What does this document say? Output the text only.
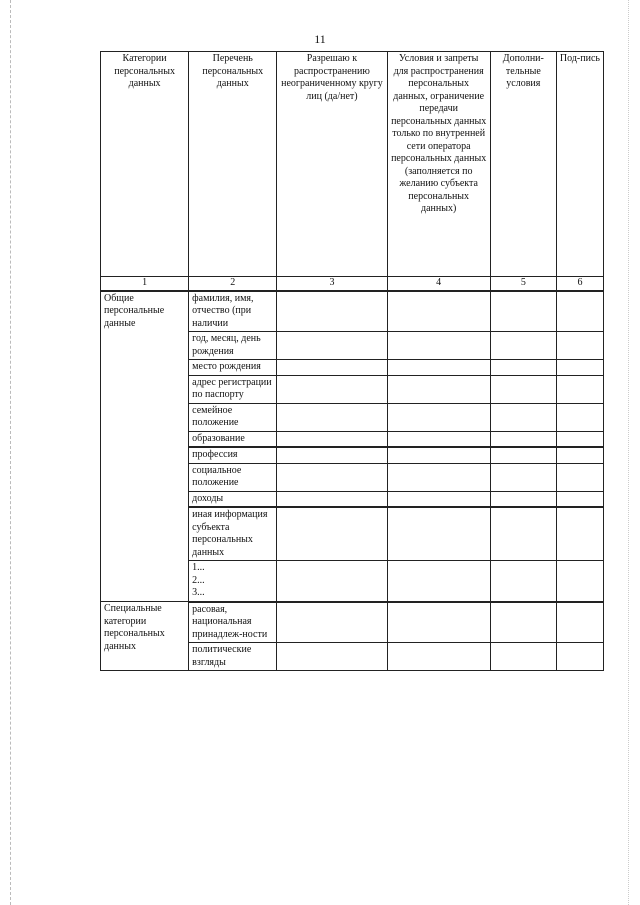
11
Категории персональных данных	Перечень персональных данных	Разрешаю к распространению неограниченному кругу лиц (да/нет)	Условия и запреты для распространения персональных данных, ограничение передачи персональных данных только по внутренней сети оператора персональных данных (заполняется по желанию субъекта персональных данных)	Дополни-тельные условия	Под-пись
1	2	3	4	5	6
Общие персональные данные	фамилия, имя, отчество (при наличии				
	год, месяц, день рождения				
	место рождения				
	адрес регистрации по паспорту				
	семейное положение				
	образование				
	профессия				
	социальное положение				
	доходы				
	иная информация субъекта персональных данных				

	1...
2...
3...				

Специальные категории персональных данных	расовая, национальная принадлеж-ности				
	политические взгляды				
